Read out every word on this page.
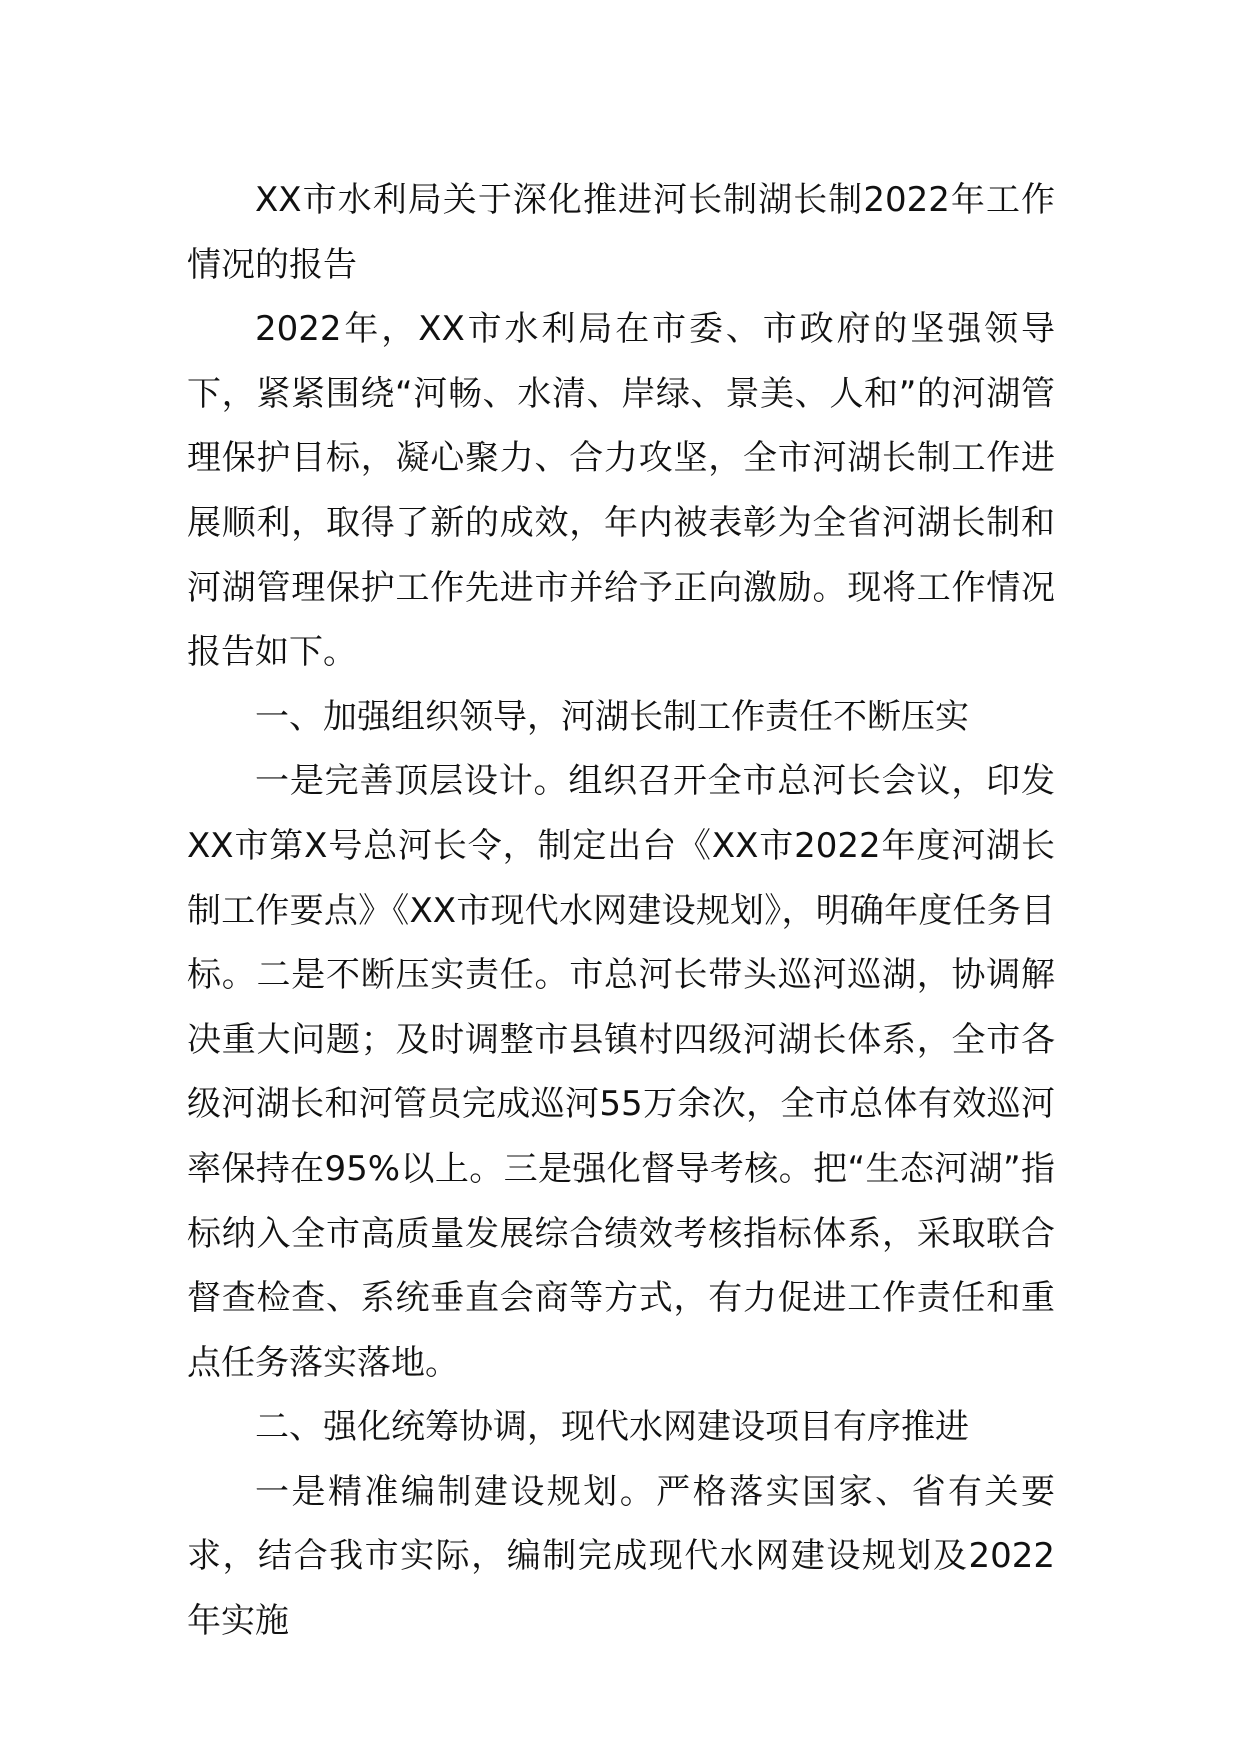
XX市水利局关于深化推进河长制湖长制2022年工作情况的报告

2022年，XX市水利局在市委、市政府的坚强领导下，紧紧围绕“河畅、水清、岸绿、景美、人和”的河湖管理保护目标，凝心聚力、合力攻坚，全市河湖长制工作进展顺利，取得了新的成效，年内被表彰为全省河湖长制和河湖管理保护工作先进市并给予正向激励。现将工作情况报告如下。

一、加强组织领导，河湖长制工作责任不断压实

一是完善顶层设计。组织召开全市总河长会议，印发XX市第X号总河长令，制定出台《XX市2022年度河湖长制工作要点》《XX市现代水网建设规划》，明确年度任务目标。二是不断压实责任。市总河长带头巡河巡湖，协调解决重大问题；及时调整市县镇村四级河湖长体系，全市各级河湖长和河管员完成巡河55万余次，全市总体有效巡河率保持在95%以上。三是强化督导考核。把“生态河湖”指标纳入全市高质量发展综合绩效考核指标体系，采取联合督查检查、系统垂直会商等方式，有力促进工作责任和重点任务落实落地。

二、强化统筹协调，现代水网建设项目有序推进

一是精准编制建设规划。严格落实国家、省有关要求，结合我市实际，编制完成现代水网建设规划及2022年实施
